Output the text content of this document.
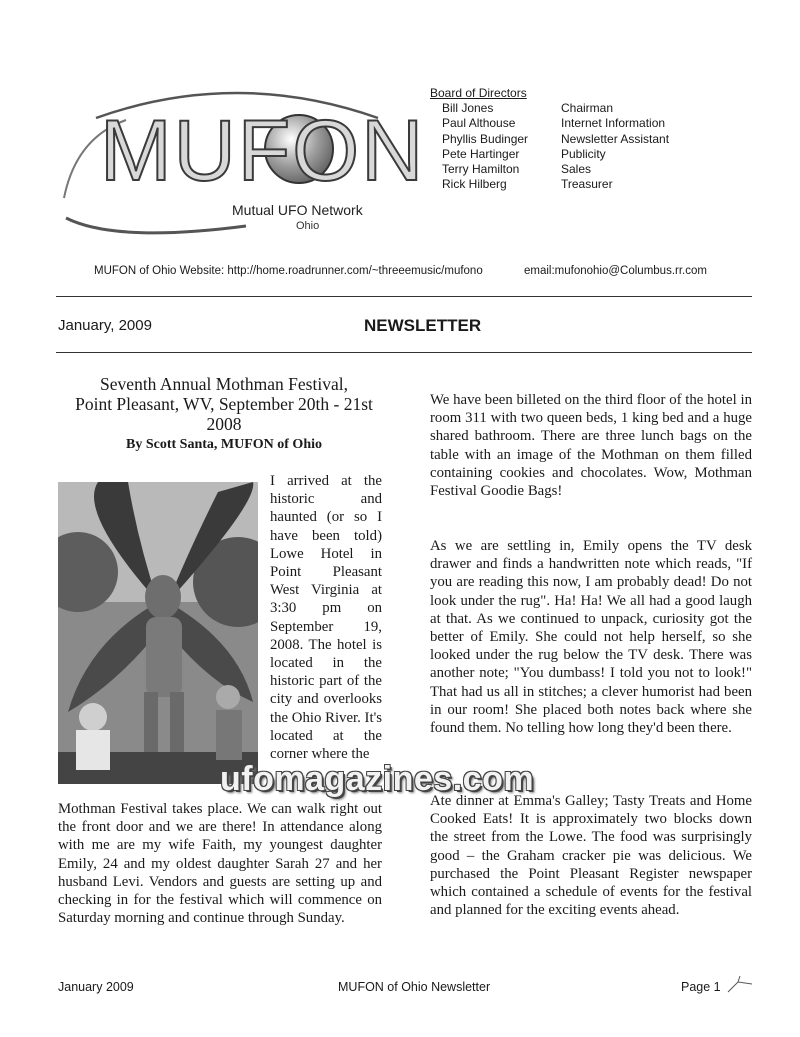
MUFON
Mutual UFO Network
Ohio
Board of Directors
Bill Jones	Chairman
Paul Althouse	Internet Information
Phyllis Budinger	Newsletter Assistant
Pete Hartinger	Publicity
Terry Hamilton	Sales
Rick Hilberg	Treasurer
MUFON of Ohio Website: http://home.roadrunner.com/~threeemusic/mufono	email:mufonohio@Columbus.rr.com
January, 2009	NEWSLETTER
Seventh Annual Mothman Festival,
Point Pleasant, WV, September 20th - 21st
2008
By Scott Santa, MUFON of Ohio

I arrived at the historic and haunted (or so I have been told) Lowe Hotel in Point Pleasant West Virginia at 3:30 pm on September 19, 2008. The hotel is located in the historic part of the city and overlooks the Ohio River. It's located at the corner where the

Mothman Festival takes place. We can walk right out the front door and we are there! In attendance along with me are my wife Faith, my youngest daughter Emily, 24 and my oldest daughter Sarah 27 and her husband Levi. Vendors and guests are setting up and checking in for the festival which will commence on Saturday morning and continue through Sunday.

We have been billeted on the third floor of the hotel in room 311 with two queen beds, 1 king bed and a huge shared bathroom. There are three lunch bags on the table with an image of the Mothman on them filled containing cookies and chocolates. Wow, Mothman Festival Goodie Bags!

As we are settling in, Emily opens the TV desk drawer and finds a handwritten note which reads, "If you are reading this now, I am probably dead! Do not look under the rug". Ha! Ha! We all had a good laugh at that. As we continued to unpack, curiosity got the better of Emily. She could not help herself, so she looked under the rug below the TV desk. There was another note; "You dumbass! I told you not to look!" That had us all in stitches; a clever humorist had been in our room! She placed both notes back where she found them. No telling how long they'd been there.

Ate dinner at Emma's Galley; Tasty Treats and Home Cooked Eats! It is approximately two blocks down the street from the Lowe. The food was surprisingly good – the Graham cracker pie was delicious. We purchased the Point Pleasant Register newspaper which contained a schedule of events for the festival and planned for the exciting events ahead.

ufomagazines.com
January 2009	MUFON of Ohio Newsletter	Page 1
